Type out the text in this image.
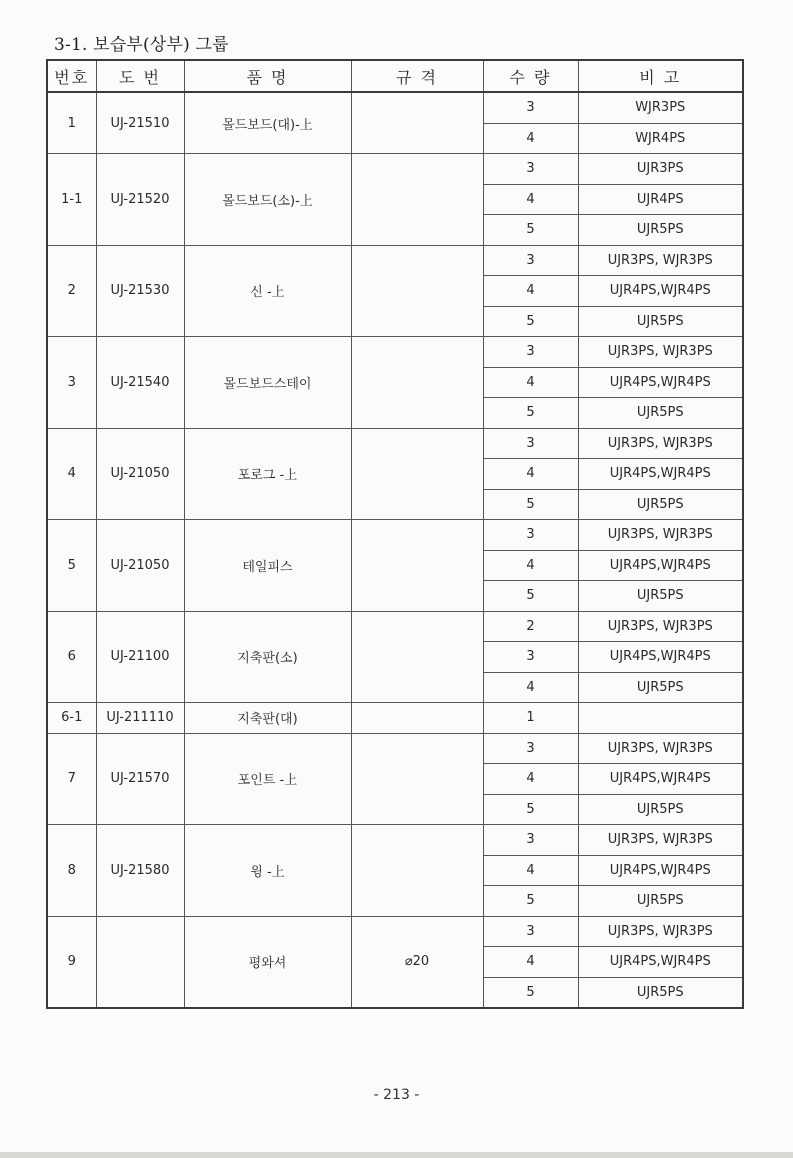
3-1. 보습부(상부) 그룹
번호	도 번	품 명	규 격	수 량	비 고
1	UJ-21510	몰드보드(대)-上		3	WJR3PS
				4	WJR4PS
1-1	UJ-21520	몰드보드(소)-上		3	UJR3PS
				4	UJR4PS
				5	UJR5PS
2	UJ-21530	신 -上		3	UJR3PS, WJR3PS
				4	UJR4PS,WJR4PS
				5	UJR5PS
3	UJ-21540	몰드보드스테이		3	UJR3PS, WJR3PS
				4	UJR4PS,WJR4PS
				5	UJR5PS
4	UJ-21050	포로그 -上		3	UJR3PS, WJR3PS
				4	UJR4PS,WJR4PS
				5	UJR5PS
5	UJ-21050	테일피스		3	UJR3PS, WJR3PS
				4	UJR4PS,WJR4PS
				5	UJR5PS
6	UJ-21100	지축판(소)		2	UJR3PS, WJR3PS
				3	UJR4PS,WJR4PS
				4	UJR5PS
6-1	UJ-211110	지축판(대)		1	
7	UJ-21570	포인트 -上		3	UJR3PS, WJR3PS
				4	UJR4PS,WJR4PS
				5	UJR5PS
8	UJ-21580	윙 -上		3	UJR3PS, WJR3PS
				4	UJR4PS,WJR4PS
				5	UJR5PS
9		평와셔	⌀20	3	UJR3PS, WJR3PS
				4	UJR4PS,WJR4PS
				5	UJR5PS
- 213 -
